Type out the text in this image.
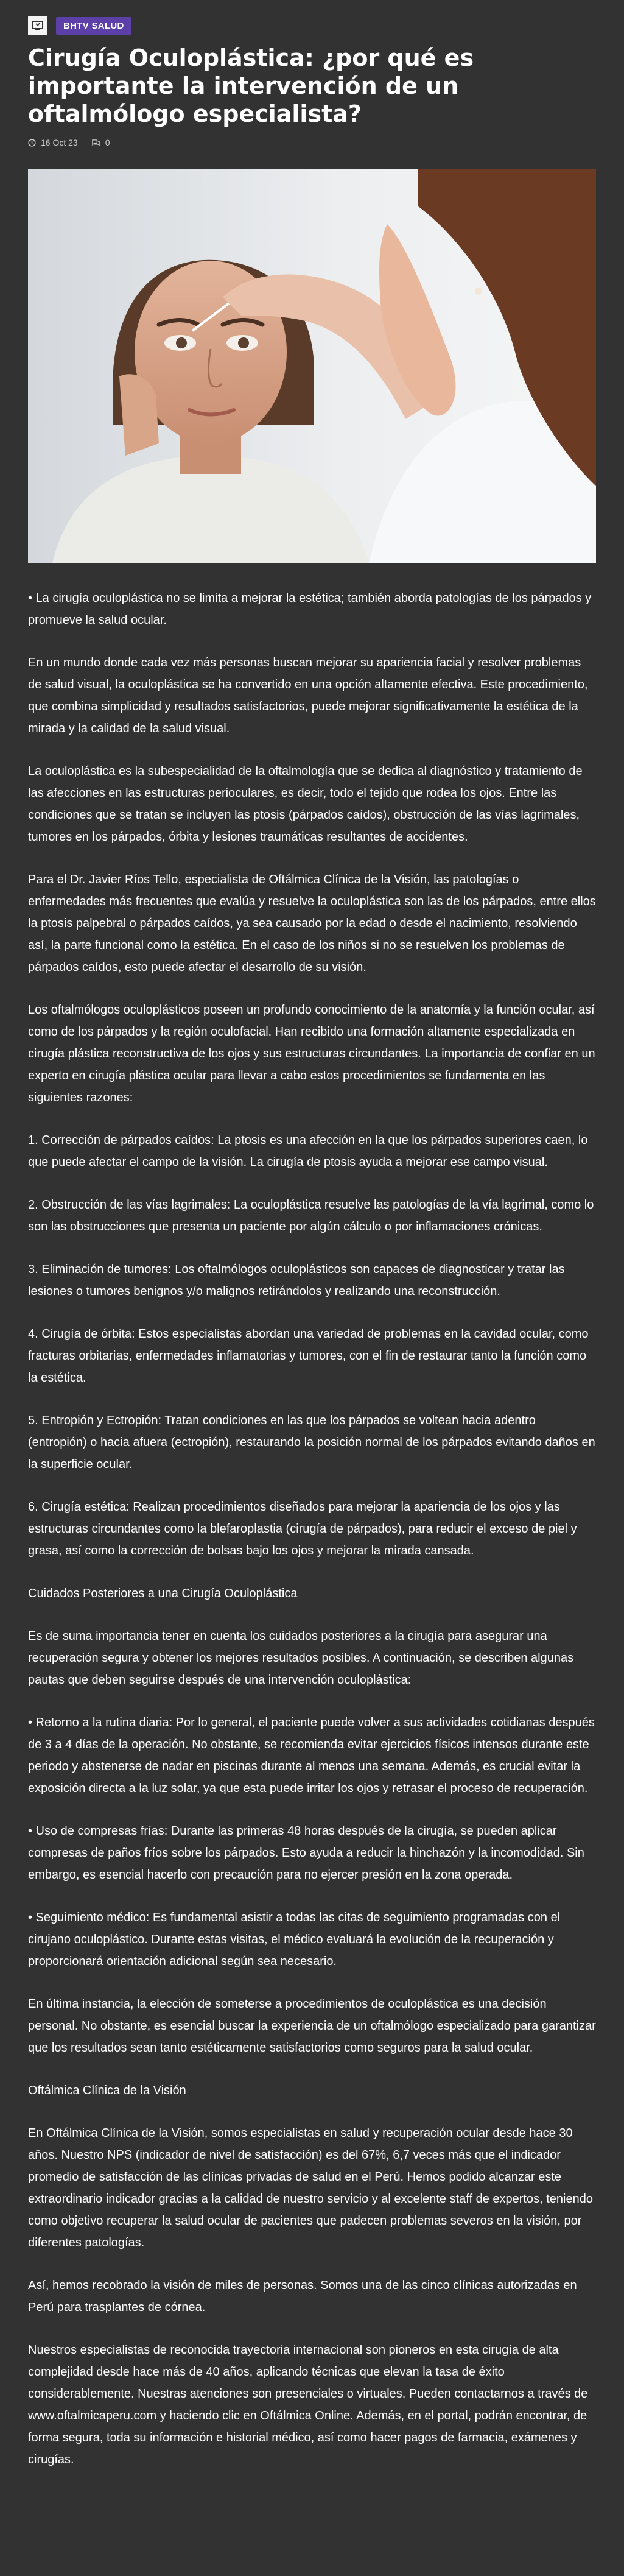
BHTV SALUD
Cirugía Oculoplástica: ¿por qué es importante la intervención de un oftalmólogo especialista?
16 Oct 23	0

• La cirugía oculoplástica no se limita a mejorar la estética; también aborda patologías de los párpados y promueve la salud ocular.

En un mundo donde cada vez más personas buscan mejorar su apariencia facial y resolver problemas de salud visual, la oculoplástica se ha convertido en una opción altamente efectiva. Este procedimiento, que combina simplicidad y resultados satisfactorios, puede mejorar significativamente la estética de la mirada y la calidad de la salud visual.

La oculoplástica es la subespecialidad de la oftalmología que se dedica al diagnóstico y tratamiento de las afecciones en las estructuras perioculares, es decir, todo el tejido que rodea los ojos. Entre las condiciones que se tratan se incluyen las ptosis (párpados caídos), obstrucción de las vías lagrimales, tumores en los párpados, órbita y lesiones traumáticas resultantes de accidentes.

Para el Dr. Javier Ríos Tello, especialista de Oftálmica Clínica de la Visión, las patologías o enfermedades más frecuentes que evalúa y resuelve la oculoplástica son las de los párpados, entre ellos la ptosis palpebral o párpados caídos, ya sea causado por la edad o desde el nacimiento, resolviendo así, la parte funcional como la estética. En el caso de los niños si no se resuelven los problemas de párpados caídos, esto puede afectar el desarrollo de su visión.

Los oftalmólogos oculoplásticos poseen un profundo conocimiento de la anatomía y la función ocular, así como de los párpados y la región oculofacial. Han recibido una formación altamente especializada en cirugía plástica reconstructiva de los ojos y sus estructuras circundantes. La importancia de confiar en un experto en cirugía plástica ocular para llevar a cabo estos procedimientos se fundamenta en las siguientes razones:

1. Corrección de párpados caídos: La ptosis es una afección en la que los párpados superiores caen, lo que puede afectar el campo de la visión. La cirugía de ptosis ayuda a mejorar ese campo visual.

2. Obstrucción de las vías lagrimales: La oculoplástica resuelve las patologías de la vía lagrimal, como lo son las obstrucciones que presenta un paciente por algún cálculo o por inflamaciones crónicas.

3. Eliminación de tumores: Los oftalmólogos oculoplásticos son capaces de diagnosticar y tratar las lesiones o tumores benignos y/o malignos retirándolos y realizando una reconstrucción.

4. Cirugía de órbita: Estos especialistas abordan una variedad de problemas en la cavidad ocular, como fracturas orbitarias, enfermedades inflamatorias y tumores, con el fin de restaurar tanto la función como la estética.

5. Entropión y Ectropión: Tratan condiciones en las que los párpados se voltean hacia adentro (entropión) o hacia afuera (ectropión), restaurando la posición normal de los párpados evitando daños en la superficie ocular.

6. Cirugía estética: Realizan procedimientos diseñados para mejorar la apariencia de los ojos y las estructuras circundantes como la blefaroplastia (cirugía de párpados), para reducir el exceso de piel y grasa, así como la corrección de bolsas bajo los ojos y mejorar la mirada cansada.

Cuidados Posteriores a una Cirugía Oculoplástica

Es de suma importancia tener en cuenta los cuidados posteriores a la cirugía para asegurar una recuperación segura y obtener los mejores resultados posibles. A continuación, se describen algunas pautas que deben seguirse después de una intervención oculoplástica:

• Retorno a la rutina diaria: Por lo general, el paciente puede volver a sus actividades cotidianas después de 3 a 4 días de la operación. No obstante, se recomienda evitar ejercicios físicos intensos durante este periodo y abstenerse de nadar en piscinas durante al menos una semana. Además, es crucial evitar la exposición directa a la luz solar, ya que esta puede irritar los ojos y retrasar el proceso de recuperación.

• Uso de compresas frías: Durante las primeras 48 horas después de la cirugía, se pueden aplicar compresas de paños fríos sobre los párpados. Esto ayuda a reducir la hinchazón y la incomodidad. Sin embargo, es esencial hacerlo con precaución para no ejercer presión en la zona operada.

• Seguimiento médico: Es fundamental asistir a todas las citas de seguimiento programadas con el cirujano oculoplástico. Durante estas visitas, el médico evaluará la evolución de la recuperación y proporcionará orientación adicional según sea necesario.

En última instancia, la elección de someterse a procedimientos de oculoplástica es una decisión personal. No obstante, es esencial buscar la experiencia de un oftalmólogo especializado para garantizar que los resultados sean tanto estéticamente satisfactorios como seguros para la salud ocular.

Oftálmica Clínica de la Visión

En Oftálmica Clínica de la Visión, somos especialistas en salud y recuperación ocular desde hace 30 años. Nuestro NPS (indicador de nivel de satisfacción) es del 67%, 6,7 veces más que el indicador promedio de satisfacción de las clínicas privadas de salud en el Perú. Hemos podido alcanzar este extraordinario indicador gracias a la calidad de nuestro servicio y al excelente staff de expertos, teniendo como objetivo recuperar la salud ocular de pacientes que padecen problemas severos en la visión, por diferentes patologías.

Así, hemos recobrado la visión de miles de personas. Somos una de las cinco clínicas autorizadas en Perú para trasplantes de córnea.

Nuestros especialistas de reconocida trayectoria internacional son pioneros en esta cirugía de alta complejidad desde hace más de 40 años, aplicando técnicas que elevan la tasa de éxito considerablemente. Nuestras atenciones son presenciales o virtuales. Pueden contactarnos a través de www.oftalmicaperu.com y haciendo clic en Oftálmica Online. Además, en el portal, podrán encontrar, de forma segura, toda su información e historial médico, así como hacer pagos de farmacia, exámenes y cirugías.
